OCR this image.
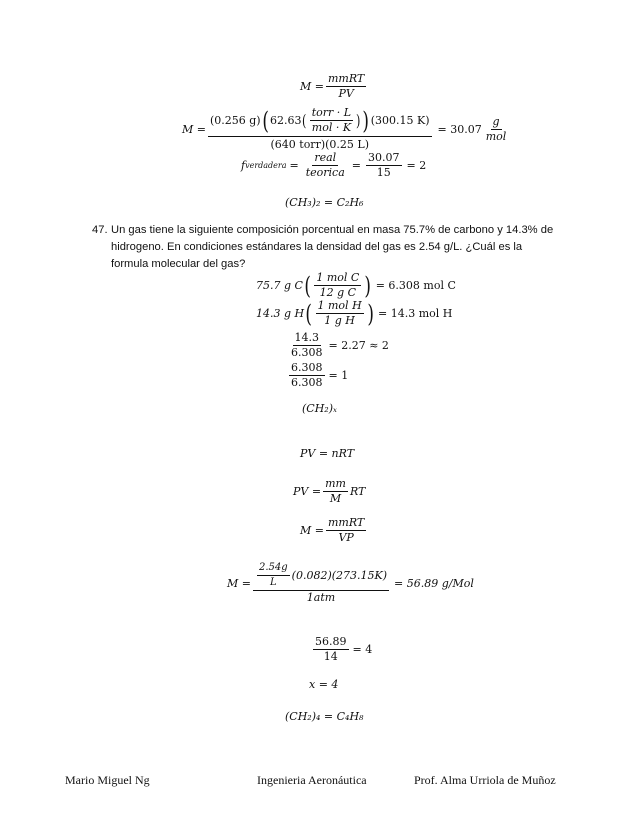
$M = \frac{\text{mmRT}}{PV}$
M =
(0.256 g) ( 62.63 ( $\frac{\text{torr · L}}{\text{mol · K}}$ ) ) (300.15 K)
(640 torr)(0.25 L)
= $30.07 \frac{g}{\text{mol}}$
f verdadera = $\frac{\text{real}}{\text{teorica}} = \frac{30.07}{15} = 2$
(CH₃)₂ = C₂H₆
47. Un gas tiene la siguiente composición porcentual en masa 75.7% de carbono y 14.3% de hidrogeno. En condiciones estándares la densidad del gas es 2.54 g/L. ¿Cuál es la formula molecular del gas?
75.7 g C ( $\frac{\text{1 mol C}}{\text{12 g C}}$ ) = 6.308 mol C
14.3 g H ( $\frac{\text{1 mol H}}{\text{1 g H}}$ ) = 14.3 mol H
$\frac{14.3}{6.308} = 2.27 \approx 2$
$\frac{6.308}{6.308} = 1$
(CH₂)ₓ
PV = nRT
PV = $\frac{mm}{M}$ RT
$M = \frac{\text{mmRT}}{VP}$
$M = \frac{\frac{2.54g}{L} (0.082)(273.15K)}{\text{1atm}} = 56.89$ g/Mol
$\frac{56.89}{14} = 4$
x = 4
(CH₂)₄ = C₄H₈
Mario Miguel Ng	Ingenieria Aeronáutica	Prof. Alma Urriola de Muñoz
